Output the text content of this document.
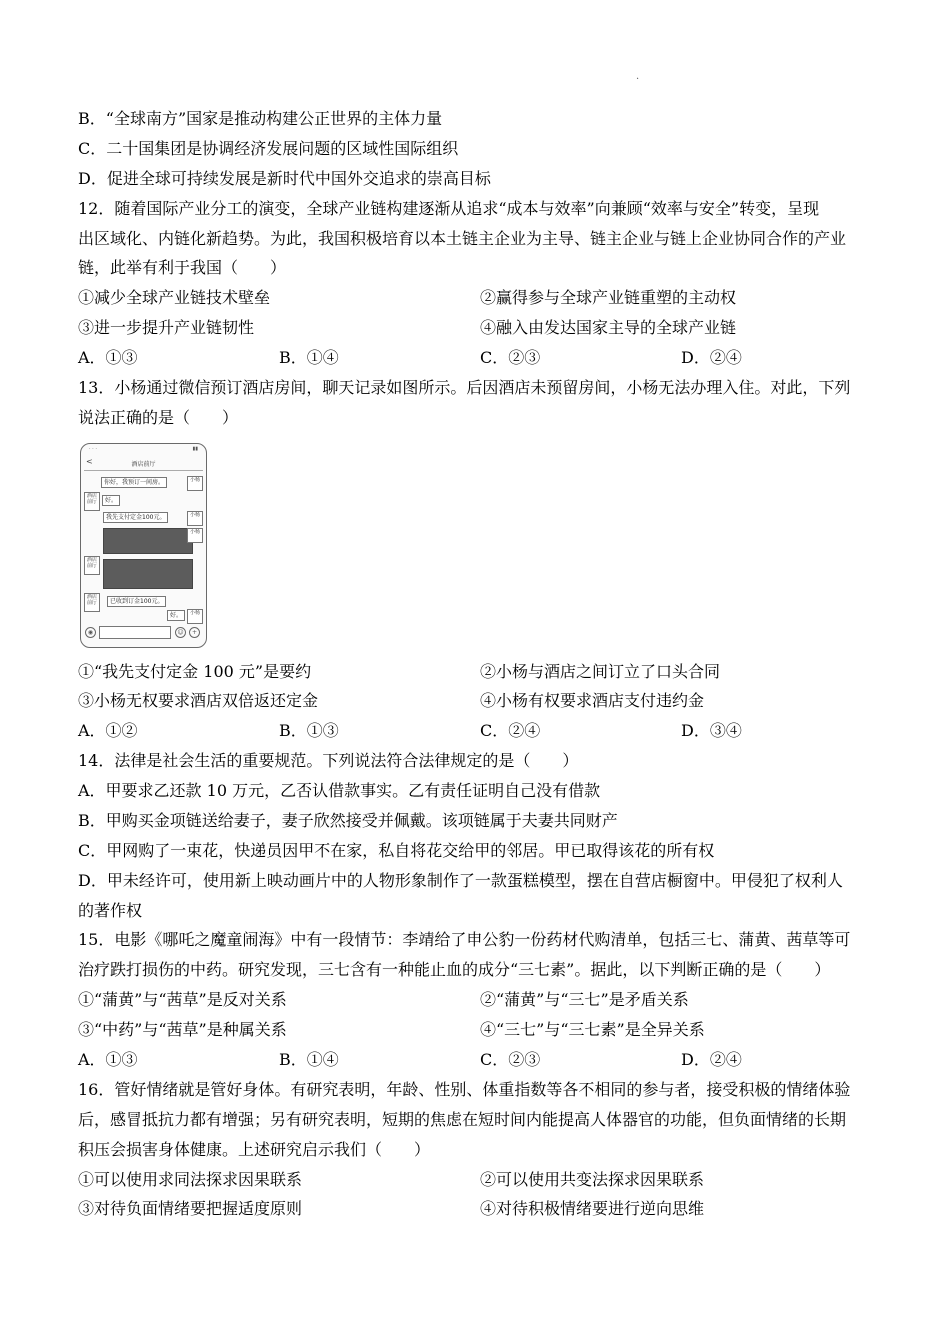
·
B．“全球南方”国家是推动构建公正世界的主体力量
C．二十国集团是协调经济发展问题的区域性国际组织
D．促进全球可持续发展是新时代中国外交追求的崇高目标
12．随着国际产业分工的演变，全球产业链构建逐渐从追求“成本与效率”向兼顾“效率与安全”转变，呈现
出区域化、内链化新趋势。为此，我国积极培育以本土链主企业为主导、链主企业与链上企业协同合作的产业
链，此举有利于我国（　　）
①减少全球产业链技术壁垒	②赢得参与全球产业链重塑的主动权
③进一步提升产业链韧性	④融入由发达国家主导的全球产业链
A．①③	B．①④	C．②③	D．②④
13．小杨通过微信预订酒店房间，聊天记录如图所示。后因酒店未预留房间，小杨无法办理入住。对此，下列
说法正确的是（　　）
· · ·	▮▮
<	酒店前厅
你好，我预订一间房。	小杨
酒店前厅	好。
我先支付定金100元。	小杨
小杨
酒店前厅
酒店前厅	已收到订金100元。
好。	小杨
◉	☺	+
①“我先支付定金 100 元”是要约	②小杨与酒店之间订立了口头合同
③小杨无权要求酒店双倍返还定金	④小杨有权要求酒店支付违约金
A．①②	B．①③	C．②④	D．③④
14．法律是社会生活的重要规范。下列说法符合法律规定的是（　　）
A．甲要求乙还款 10 万元，乙否认借款事实。乙有责任证明自己没有借款
B．甲购买金项链送给妻子，妻子欣然接受并佩戴。该项链属于夫妻共同财产
C．甲网购了一束花，快递员因甲不在家，私自将花交给甲的邻居。甲已取得该花的所有权
D．甲未经许可，使用新上映动画片中的人物形象制作了一款蛋糕模型，摆在自营店橱窗中。甲侵犯了权利人
的著作权
15．电影《哪吒之魔童闹海》中有一段情节：李靖给了申公豹一份药材代购清单，包括三七、蒲黄、茜草等可
治疗跌打损伤的中药。研究发现，三七含有一种能止血的成分“三七素”。据此，以下判断正确的是（　　）
①“蒲黄”与“茜草”是反对关系	②“蒲黄”与“三七”是矛盾关系
③“中药”与“茜草”是种属关系	④“三七”与“三七素”是全异关系
A．①③	B．①④	C．②③	D．②④
16．管好情绪就是管好身体。有研究表明，年龄、性别、体重指数等各不相同的参与者，接受积极的情绪体验
后，感冒抵抗力都有增强；另有研究表明，短期的焦虑在短时间内能提高人体器官的功能，但负面情绪的长期
积压会损害身体健康。上述研究启示我们（　　）
①可以使用求同法探求因果联系	②可以使用共变法探求因果联系
③对待负面情绪要把握适度原则	④对待积极情绪要进行逆向思维
